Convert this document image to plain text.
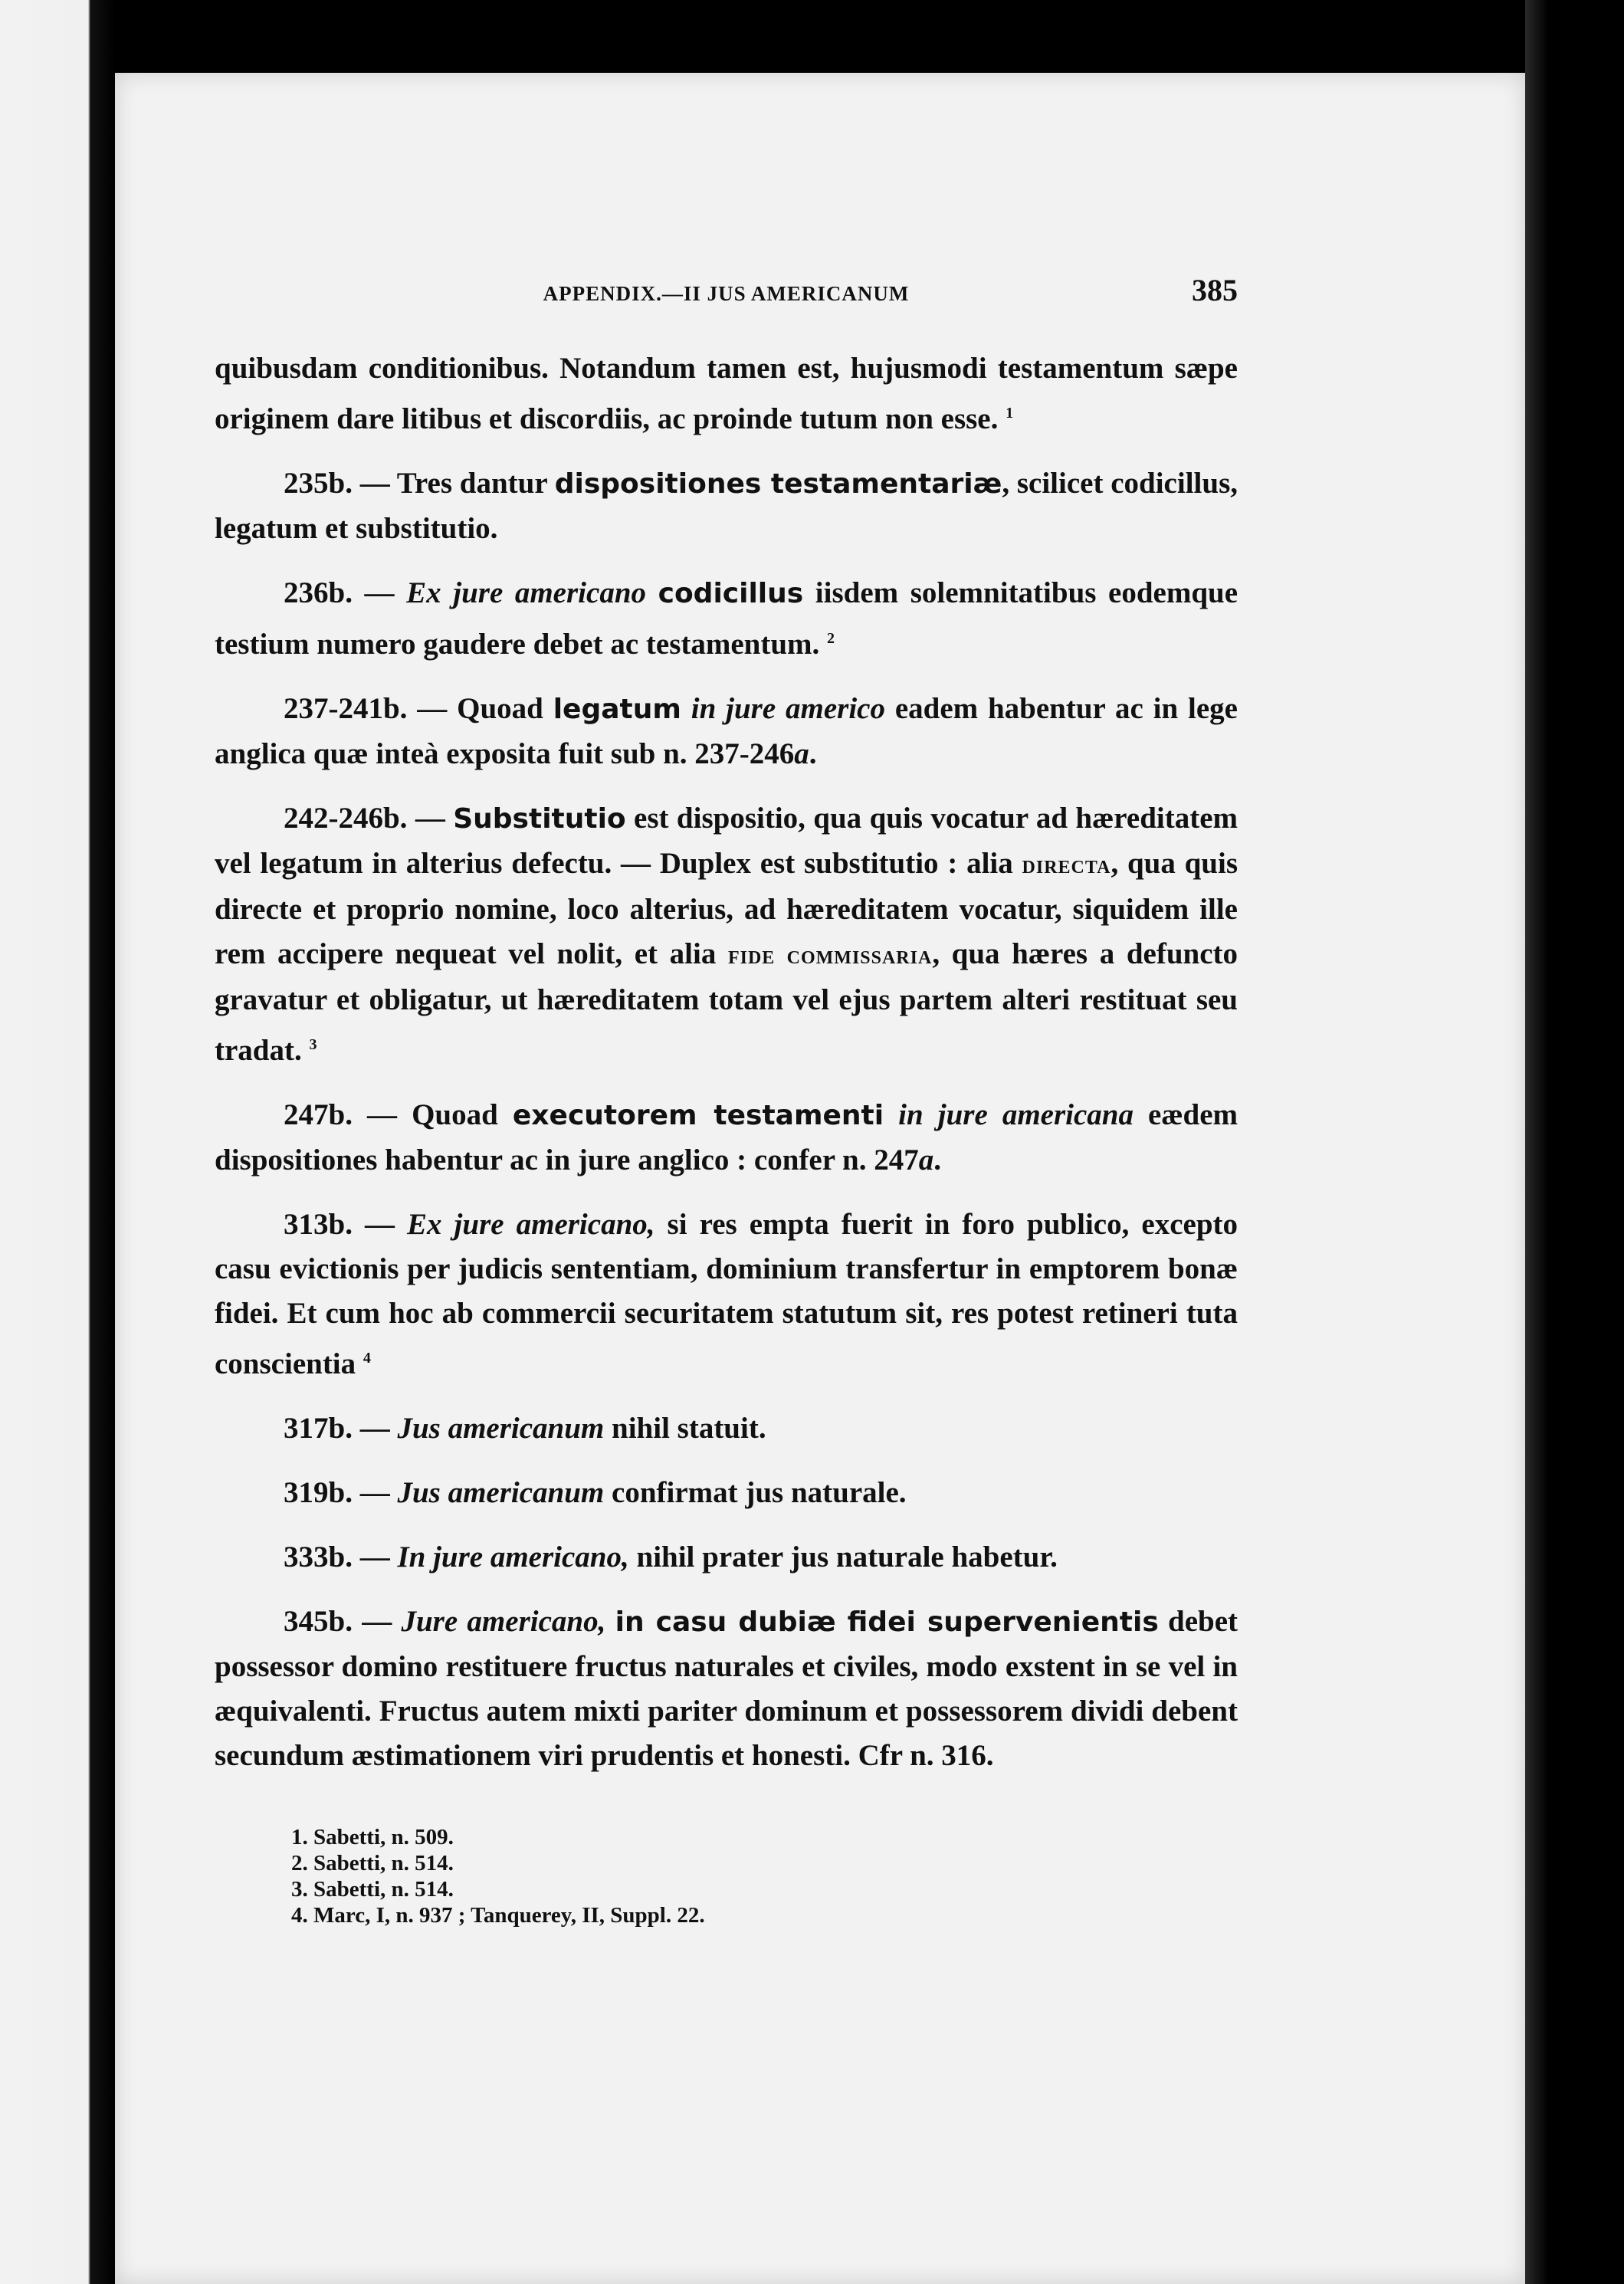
APPENDIX.—II JUS AMERICANUM	385

quibusdam conditionibus. Notandum tamen est, hujusmodi testamentum sæpe originem dare litibus et discordiis, ac proinde tutum non esse. $^1$

235b. — Tres dantur dispositiones testamentariæ, scilicet codicillus, legatum et substitutio.

236b. — Ex jure americano codicillus iisdem solemnitatibus eodemque testium numero gaudere debet ac testamentum. $^2$

237-241b. — Quoad legatum in jure americo eadem habentur ac in lege anglica quæ inteà exposita fuit sub n. 237-246a.

242-246b. — Substitutio est dispositio, qua quis vocatur ad hæreditatem vel legatum in alterius defectu. — Duplex est substitutio : alia directa, qua quis directe et proprio nomine, loco alterius, ad hæreditatem vocatur, siquidem ille rem accipere nequeat vel nolit, et alia fide commissaria, qua hæres a defuncto gravatur et obligatur, ut hæreditatem totam vel ejus partem alteri restituat seu tradat. $^3$

247b. — Quoad executorem testamenti in jure americana eædem dispositiones habentur ac in jure anglico : confer n. 247a.

313b. — Ex jure americano, si res empta fuerit in foro publico, excepto casu evictionis per judicis sententiam, dominium transfertur in emptorem bonæ fidei. Et cum hoc ab commercii securitatem statutum sit, res potest retineri tuta conscientia $^4$

317b. — Jus americanum nihil statuit.

319b. — Jus americanum confirmat jus naturale.

333b. — In jure americano, nihil prater jus naturale habetur.

345b. — Jure americano, in casu dubiæ fidei supervenientis debet possessor domino restituere fructus naturales et civiles, modo exstent in se vel in æquivalenti. Fructus autem mixti pariter dominum et possessorem dividi debent secundum æstimationem viri prudentis et honesti. Cfr n. 316.

1. Sabetti, n. 509.
2. Sabetti, n. 514.
3. Sabetti, n. 514.
4. Marc, I, n. 937 ; Tanquerey, II, Suppl. 22.
